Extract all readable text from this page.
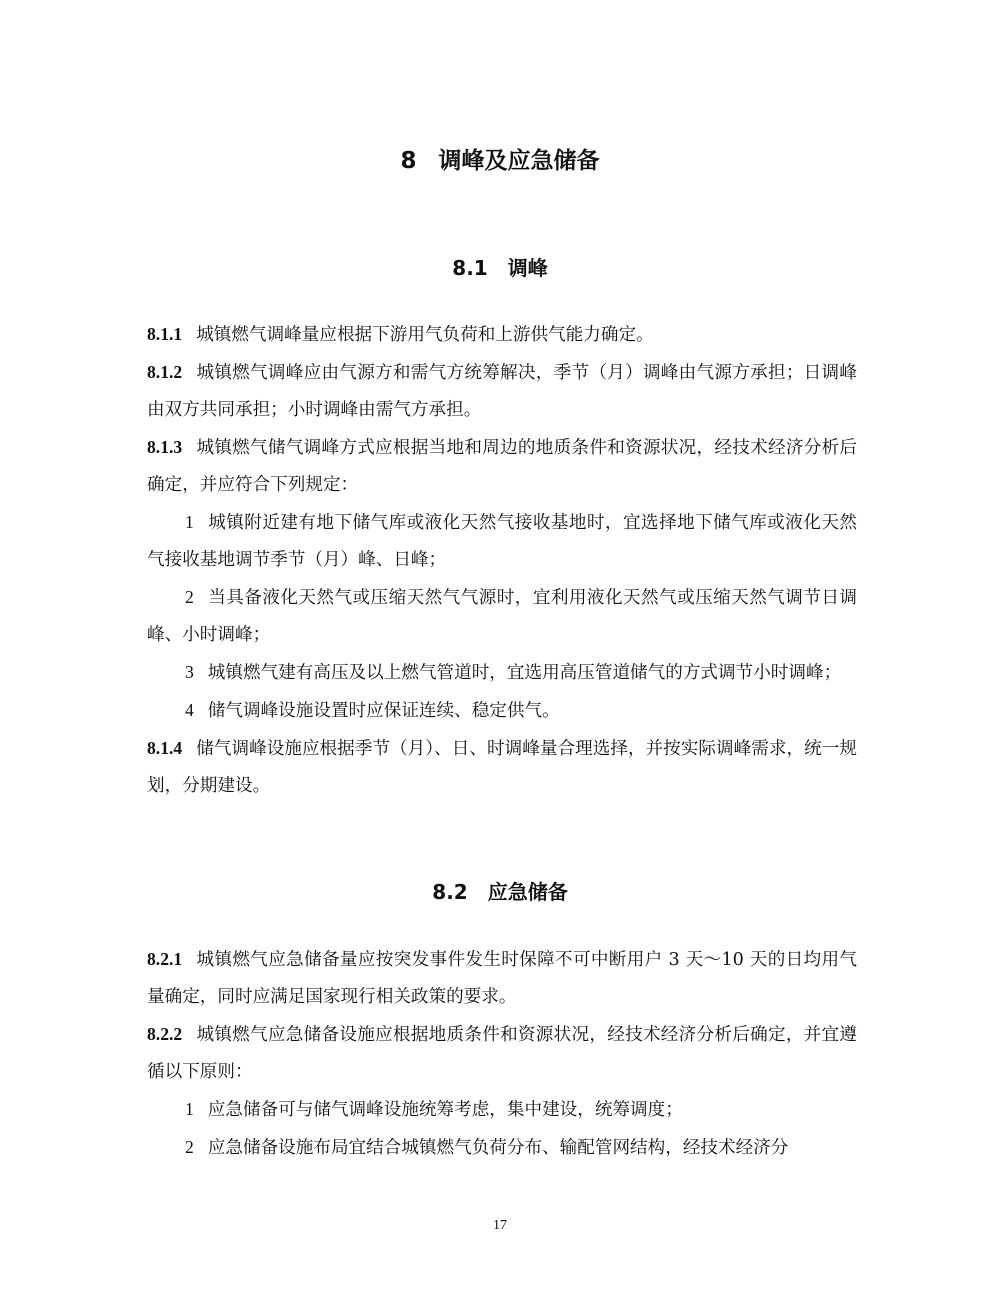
8 调峰及应急储备
8.1 调峰
8.1.1 城镇燃气调峰量应根据下游用气负荷和上游供气能力确定。
8.1.2 城镇燃气调峰应由气源方和需气方统筹解决，季节（月）调峰由气源方承担；日调峰由双方共同承担；小时调峰由需气方承担。
8.1.3 城镇燃气储气调峰方式应根据当地和周边的地质条件和资源状况，经技术经济分析后确定，并应符合下列规定：
1 城镇附近建有地下储气库或液化天然气接收基地时，宜选择地下储气库或液化天然气接收基地调节季节（月）峰、日峰；
2 当具备液化天然气或压缩天然气气源时，宜利用液化天然气或压缩天然气调节日调峰、小时调峰；
3 城镇燃气建有高压及以上燃气管道时，宜选用高压管道储气的方式调节小时调峰；
4 储气调峰设施设置时应保证连续、稳定供气。
8.1.4 储气调峰设施应根据季节（月）、日、时调峰量合理选择，并按实际调峰需求，统一规划，分期建设。
8.2 应急储备
8.2.1 城镇燃气应急储备量应按突发事件发生时保障不可中断用户 3 天～10 天的日均用气量确定，同时应满足国家现行相关政策的要求。
8.2.2 城镇燃气应急储备设施应根据地质条件和资源状况，经技术经济分析后确定，并宜遵循以下原则：
1 应急储备可与储气调峰设施统筹考虑，集中建设，统筹调度；
2 应急储备设施布局宜结合城镇燃气负荷分布、输配管网结构，经技术经济分
17
